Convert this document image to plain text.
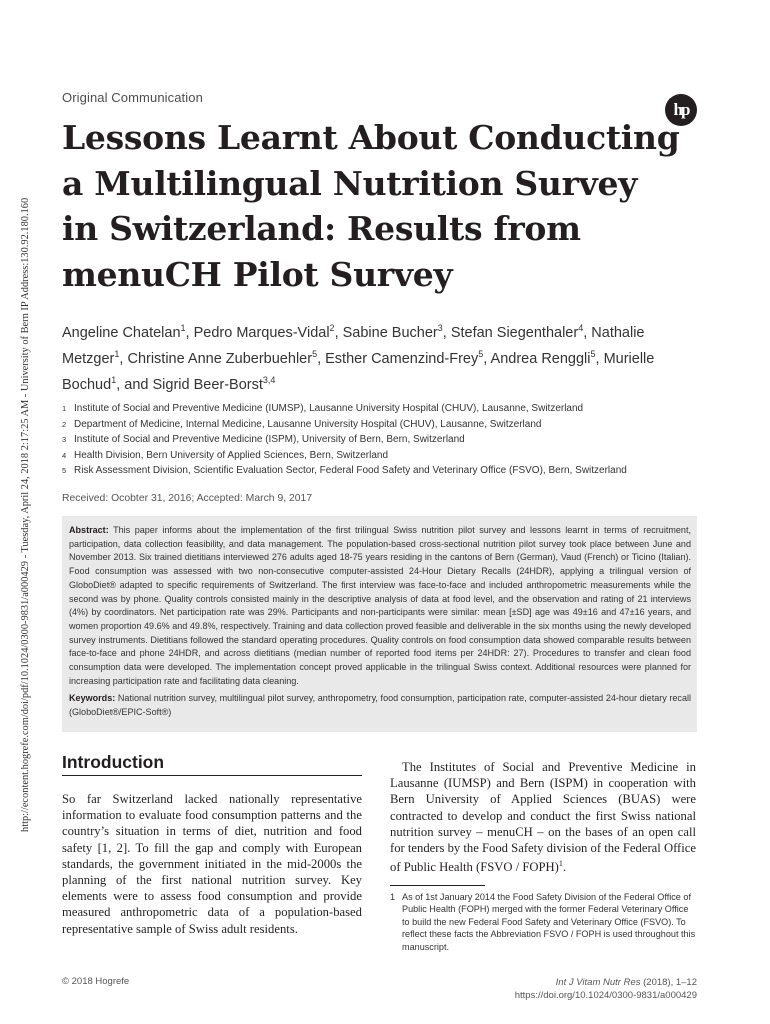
http://econtent.hogrefe.com/doi/pdf/10.1024/0300-9831/a000429 - Tuesday, April 24, 2018 2:17:25 AM - University of Bern IP Address:130.92.180.160
Original Communication
hp
Lessons Learnt About Conducting a Multilingual Nutrition Survey in Switzerland: Results from menuCH Pilot Survey
Angeline Chatelan$^1$, Pedro Marques-Vidal$^2$, Sabine Bucher$^3$, Stefan Siegenthaler$^4$, Nathalie Metzger$^1$, Christine Anne Zuberbuehler$^5$, Esther Camenzind-Frey$^5$, Andrea Renggli$^5$, Murielle Bochud$^1$, and Sigrid Beer-Borst$^{3,4}$
1 Institute of Social and Preventive Medicine (IUMSP), Lausanne University Hospital (CHUV), Lausanne, Switzerland
2 Department of Medicine, Internal Medicine, Lausanne University Hospital (CHUV), Lausanne, Switzerland
3 Institute of Social and Preventive Medicine (ISPM), University of Bern, Bern, Switzerland
4 Health Division, Bern University of Applied Sciences, Bern, Switzerland
5 Risk Assessment Division, Scientific Evaluation Sector, Federal Food Safety and Veterinary Office (FSVO), Bern, Switzerland
Received: Ocobter 31, 2016; Accepted: March 9, 2017

Abstract: This paper informs about the implementation of the first trilingual Swiss nutrition pilot survey and lessons learnt in terms of recruitment, participation, data collection feasibility, and data management. The population-based cross-sectional nutrition pilot survey took place between June and November 2013. Six trained dietitians interviewed 276 adults aged 18-75 years residing in the cantons of Bern (German), Vaud (French) or Ticino (Italian). Food consumption was assessed with two non-consecutive computer-assisted 24-Hour Dietary Recalls (24HDR), applying a trilingual version of GloboDiet® adapted to specific requirements of Switzerland. The first interview was face-to-face and included anthropometric measurements while the second was by phone. Quality controls consisted mainly in the descriptive analysis of data at food level, and the observation and rating of 21 interviews (4%) by coordinators. Net participation rate was 29%. Participants and non-participants were similar: mean [±SD] age was 49±16 and 47±16 years, and women proportion 49.6% and 49.8%, respectively. Training and data collection proved feasible and deliverable in the six months using the newly developed survey instruments. Dietitians followed the standard operating procedures. Quality controls on food consumption data showed comparable results between face-to-face and phone 24HDR, and across dietitians (median number of reported food items per 24HDR: 27). Procedures to transfer and clean food consumption data were developed. The implementation concept proved applicable in the trilingual Swiss context. Additional resources were planned for increasing participation rate and facilitating data cleaning.

Keywords: National nutrition survey, multilingual pilot survey, anthropometry, food consumption, participation rate, computer-assisted 24-hour dietary recall (GloboDiet®/EPIC-Soft®)

Introduction

So far Switzerland lacked nationally representative information to evaluate food consumption patterns and the country’s situation in terms of diet, nutrition and food safety [1, 2]. To fill the gap and comply with European standards, the government initiated in the mid-2000s the planning of the first national nutrition survey. Key elements were to assess food consumption and provide measured anthropometric data of a population-based representative sample of Swiss adult residents.

The Institutes of Social and Preventive Medicine in Lausanne (IUMSP) and Bern (ISPM) in cooperation with Bern University of Applied Sciences (BUAS) were contracted to develop and conduct the first Swiss national nutrition survey – menuCH – on the bases of an open call for tenders by the Food Safety division of the Federal Office of Public Health (FSVO / FOPH)$^1$.

1 As of 1st January 2014 the Food Safety Division of the Federal Office of Public Health (FOPH) merged with the former Federal Veterinary Office to build the new Federal Food Safety and Veterinary Office (FSVO). To reflect these facts the Abbreviation FSVO / FOPH is used throughout this manuscript.
© 2018 Hogrefe	Int J Vitam Nutr Res (2018), 1–12
https://doi.org/10.1024/0300-9831/a000429
